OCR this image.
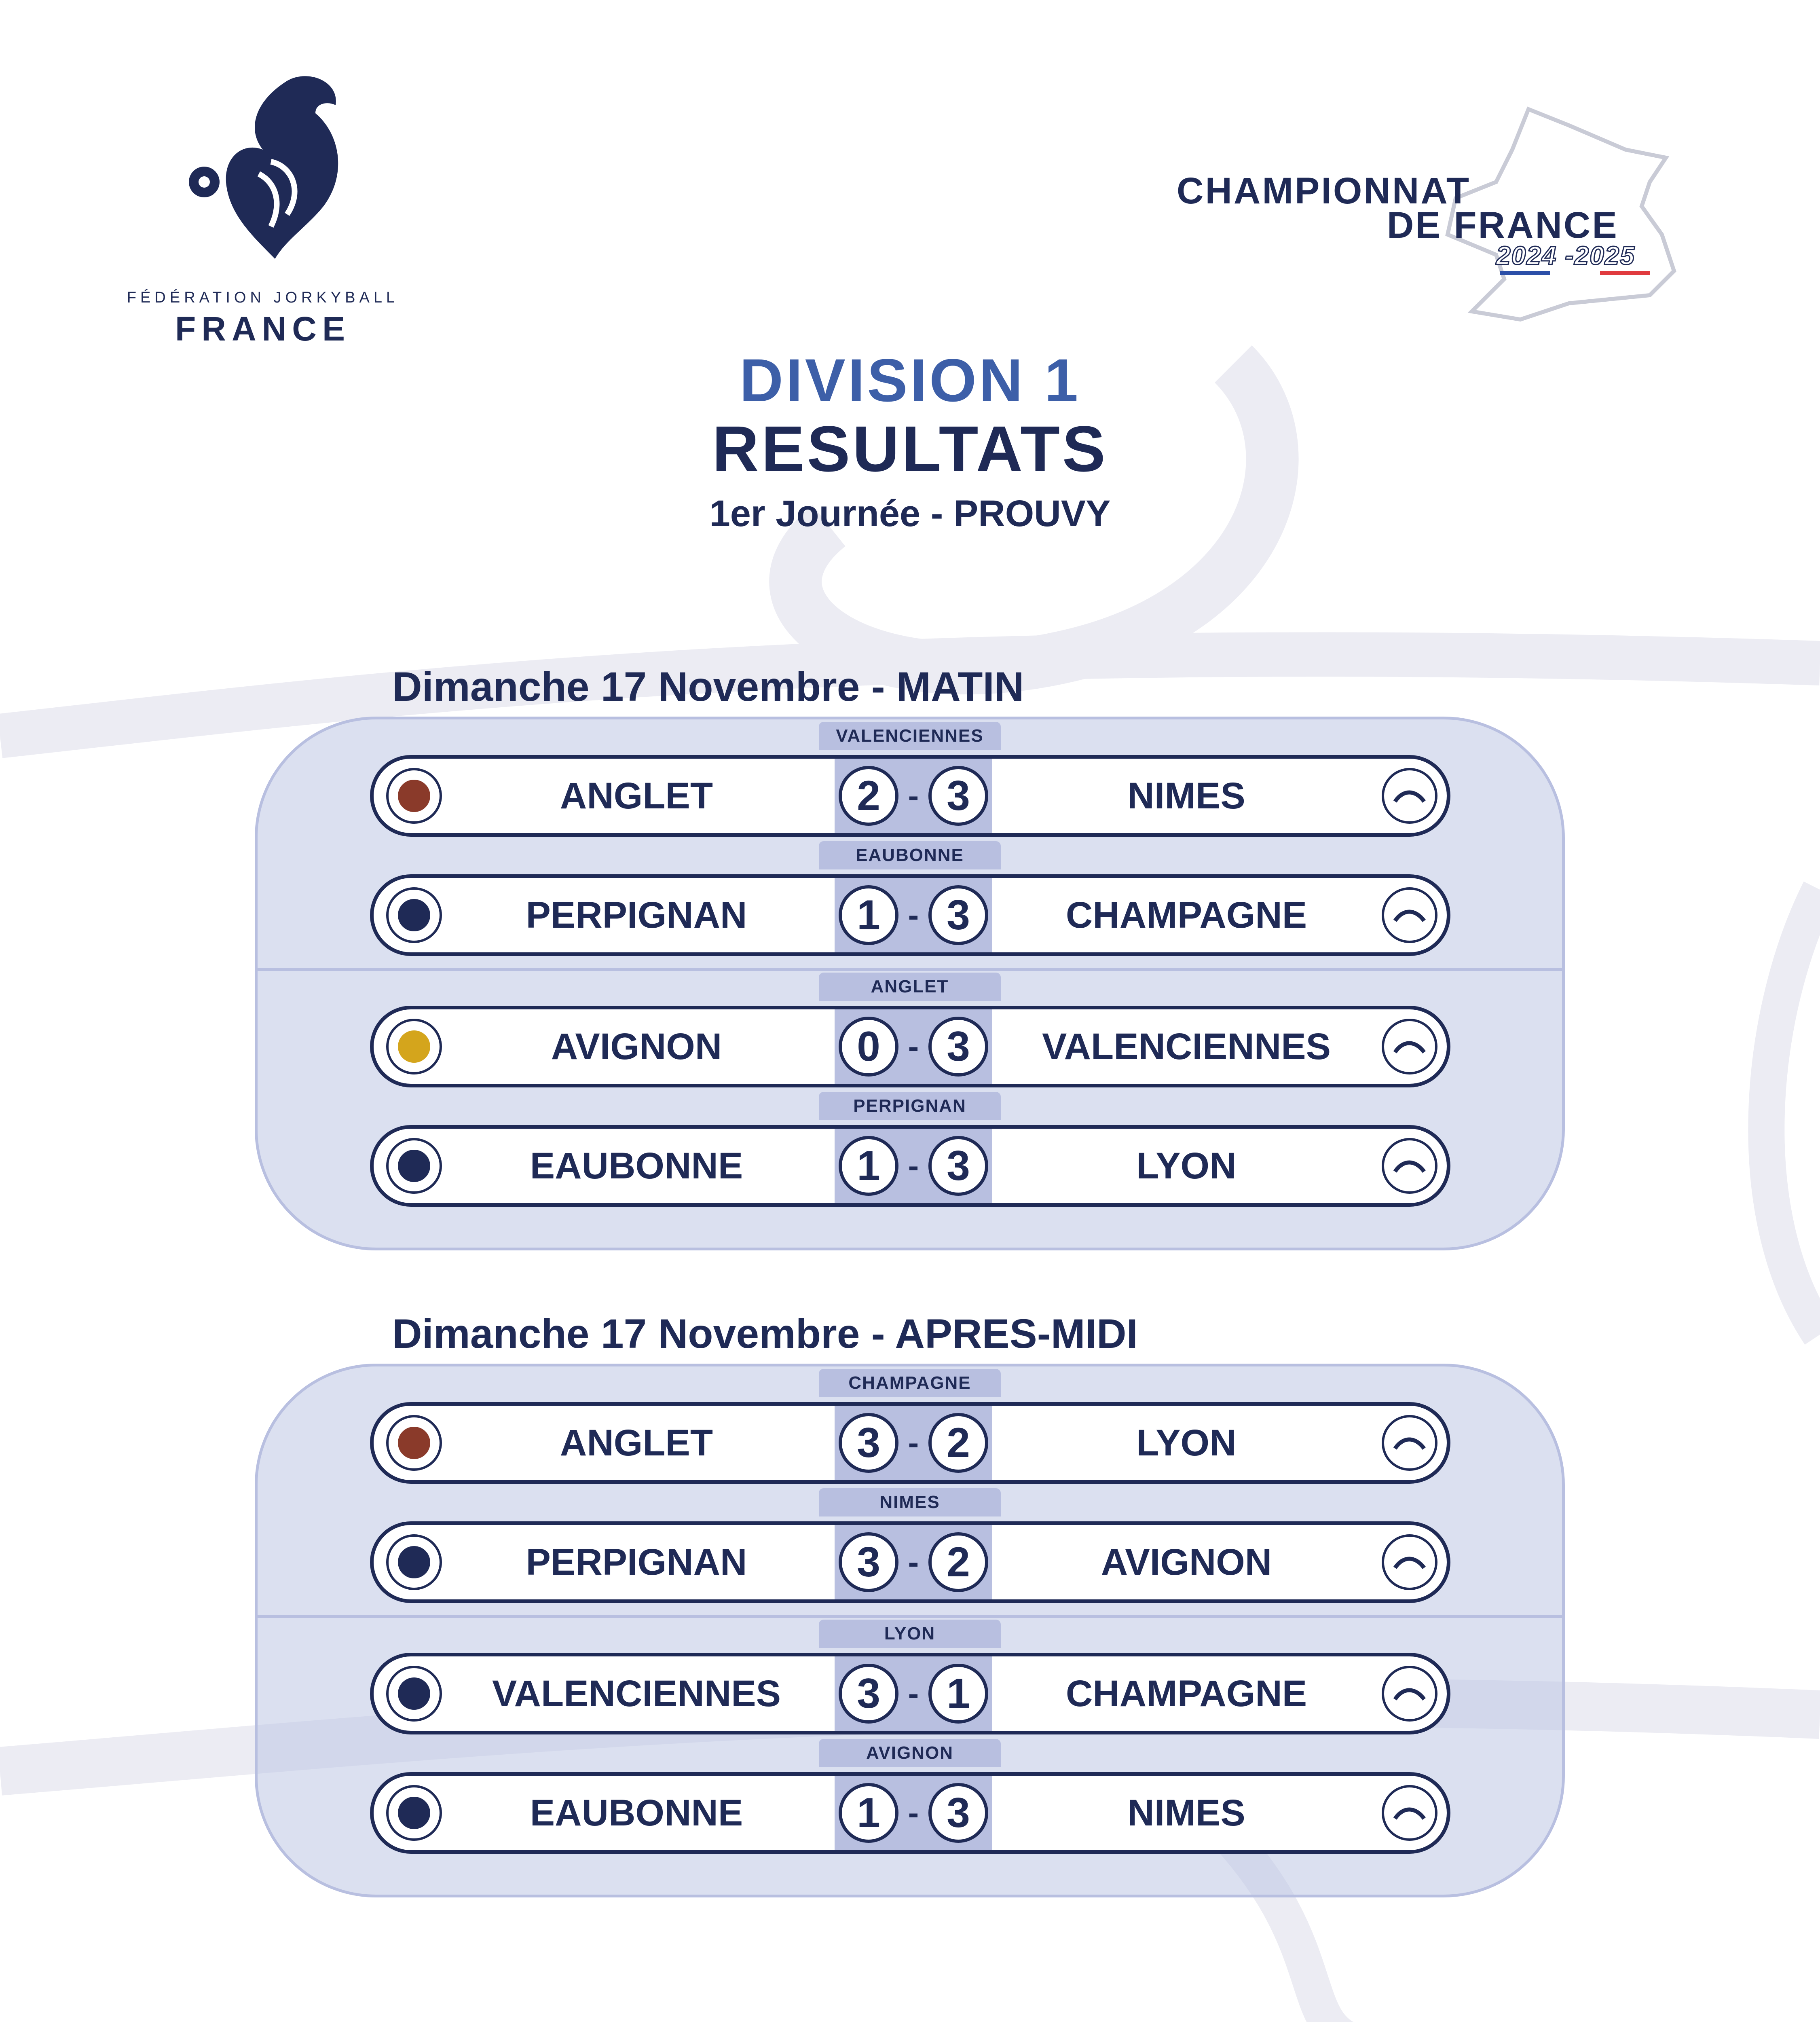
FÉDÉRATION JORKYBALL
FRANCE
CHAMPIONNAT
DE FRANCE
2024 -2025
DIVISION 1
RESULTATS
1er Journée - PROUVY
Dimanche 17 Novembre - MATIN
Dimanche 17 Novembre - APRES-MIDI
VALENCIENNES
ANGLET	2 - 3	NIMES
EAUBONNE
PERPIGNAN	1 - 3	CHAMPAGNE
ANGLET
AVIGNON	0 - 3	VALENCIENNES
PERPIGNAN
EAUBONNE	1 - 3	LYON
CHAMPAGNE
ANGLET	3 - 2	LYON
NIMES
PERPIGNAN	3 - 2	AVIGNON
LYON
VALENCIENNES	3 - 1	CHAMPAGNE
AVIGNON
EAUBONNE	1 - 3	NIMES
